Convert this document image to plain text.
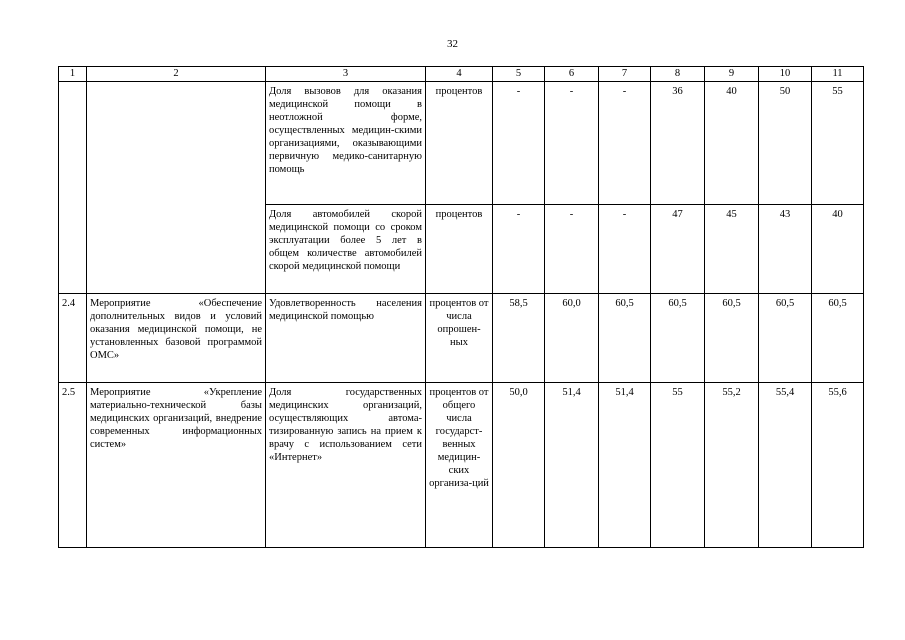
32
1	2	3	4	5	6	7	8	9	10	11
		Доля вызовов для оказания медицинской помощи в неотложной форме, осуществленных медицин-скими организациями, оказывающими первичную медико-санитарную помощь	процентов	-	-	-	36	40	50	55
		Доля автомобилей скорой медицинской помощи со сроком эксплуатации более 5 лет в общем количестве автомобилей скорой медицинской помощи	процентов	-	-	-	47	45	43	40
2.4	Мероприятие «Обеспечение дополнительных видов и условий оказания медицинской помощи, не установленных базовой программой ОМС»	Удовлетворенность населения медицинской помощью	процентов от числа опрошен-ных	58,5	60,0	60,5	60,5	60,5	60,5	60,5
2.5	Мероприятие «Укрепление материально-технической базы медицинских организаций, внедрение современных информационных систем»	Доля государственных медицинских организаций, осуществляющих автома-тизированную запись на прием к врачу с использованием сети «Интернет»	процентов от общего числа государст-венных медицин-ских организа-ций	50,0	51,4	51,4	55	55,2	55,4	55,6
